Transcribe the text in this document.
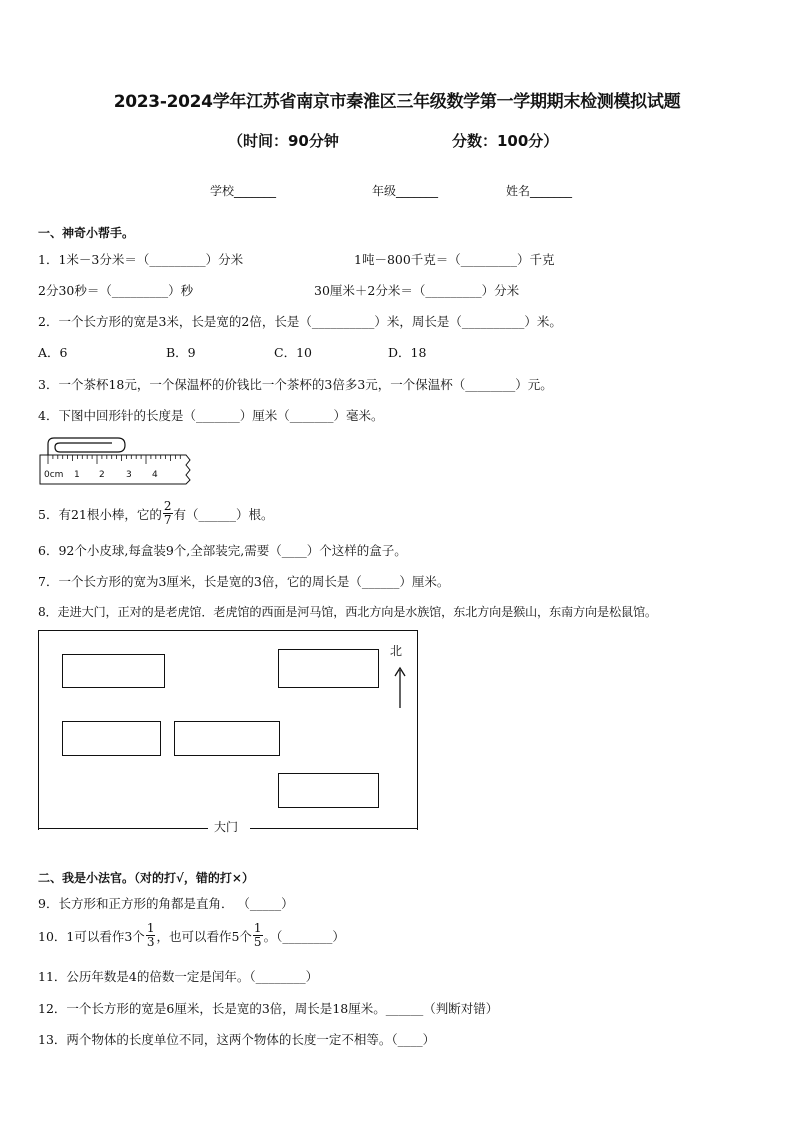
2023-2024学年江苏省南京市秦淮区三年级数学第一学期期末检测模拟试题
（时间：90分钟	分数：100分）
学校_______	年级_______	姓名_______
一、神奇小帮手。
1．1米－3分米＝（_________）分米	1吨－800千克＝（_________）千克
2分30秒＝（_________）秒	30厘米＋2分米＝（_________）分米
2．一个长方形的宽是3米，长是宽的2倍，长是（__________）米，周长是（__________）米。
A．6	B．9	C．10	D．18
3．一个茶杯18元，一个保温杯的价钱比一个茶杯的3倍多3元，一个保温杯（________）元。
4．下图中回形针的长度是（_______）厘米（_______）毫米。
0cm 1 2 3 4
5．有21根小棒，它的 $\frac{2}{7}$ 有（______）根。
6．92个小皮球,每盒装9个,全部装完,需要（____）个这样的盒子。
7．一个长方形的宽为3厘米，长是宽的3倍，它的周长是（______）厘米。
8．走进大门，正对的是老虎馆．老虎馆的西面是河马馆，西北方向是水族馆，东北方向是猴山，东南方向是松鼠馆。
大门
北
二、我是小法官。（对的打√，错的打×）
9．长方形和正方形的角都是直角． （_____）
10．1可以看作3个 $\frac{1}{3}$ ，也可以看作5个 $\frac{1}{5}$ 。（________）
11．公历年数是4的倍数一定是闰年。（________）
12．一个长方形的宽是6厘米，长是宽的3倍，周长是18厘米。______（判断对错）
13．两个物体的长度单位不同，这两个物体的长度一定不相等。（____）
